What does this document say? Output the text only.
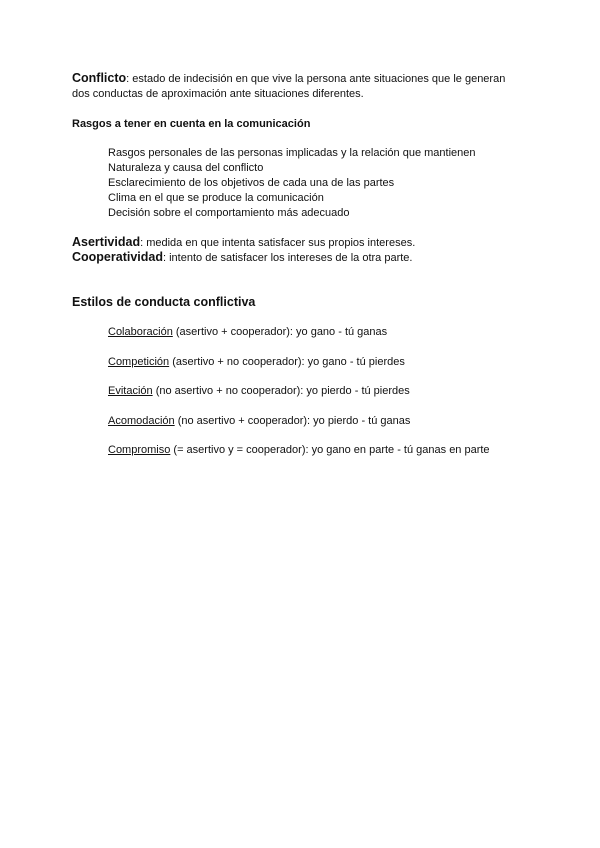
Conflicto: estado de indecisión en que vive la persona ante situaciones que le generan
dos conductas de aproximación ante situaciones diferentes.
Rasgos a tener en cuenta en la comunicación
Rasgos personales de las personas implicadas y la relación que mantienen
Naturaleza y causa del conflicto
Esclarecimiento de los objetivos de cada una de las partes
Clima en el que se produce la comunicación
Decisión sobre el comportamiento más adecuado
Asertividad: medida en que intenta satisfacer sus propios intereses.
Cooperatividad: intento de satisfacer los intereses de la otra parte.
Estilos de conducta conflictiva
Colaboración (asertivo + cooperador): yo gano - tú ganas
Competición (asertivo + no cooperador): yo gano - tú pierdes
Evitación (no asertivo + no cooperador): yo pierdo - tú pierdes
Acomodación (no asertivo + cooperador): yo pierdo - tú ganas
Compromiso (= asertivo y = cooperador): yo gano en parte - tú ganas en parte
